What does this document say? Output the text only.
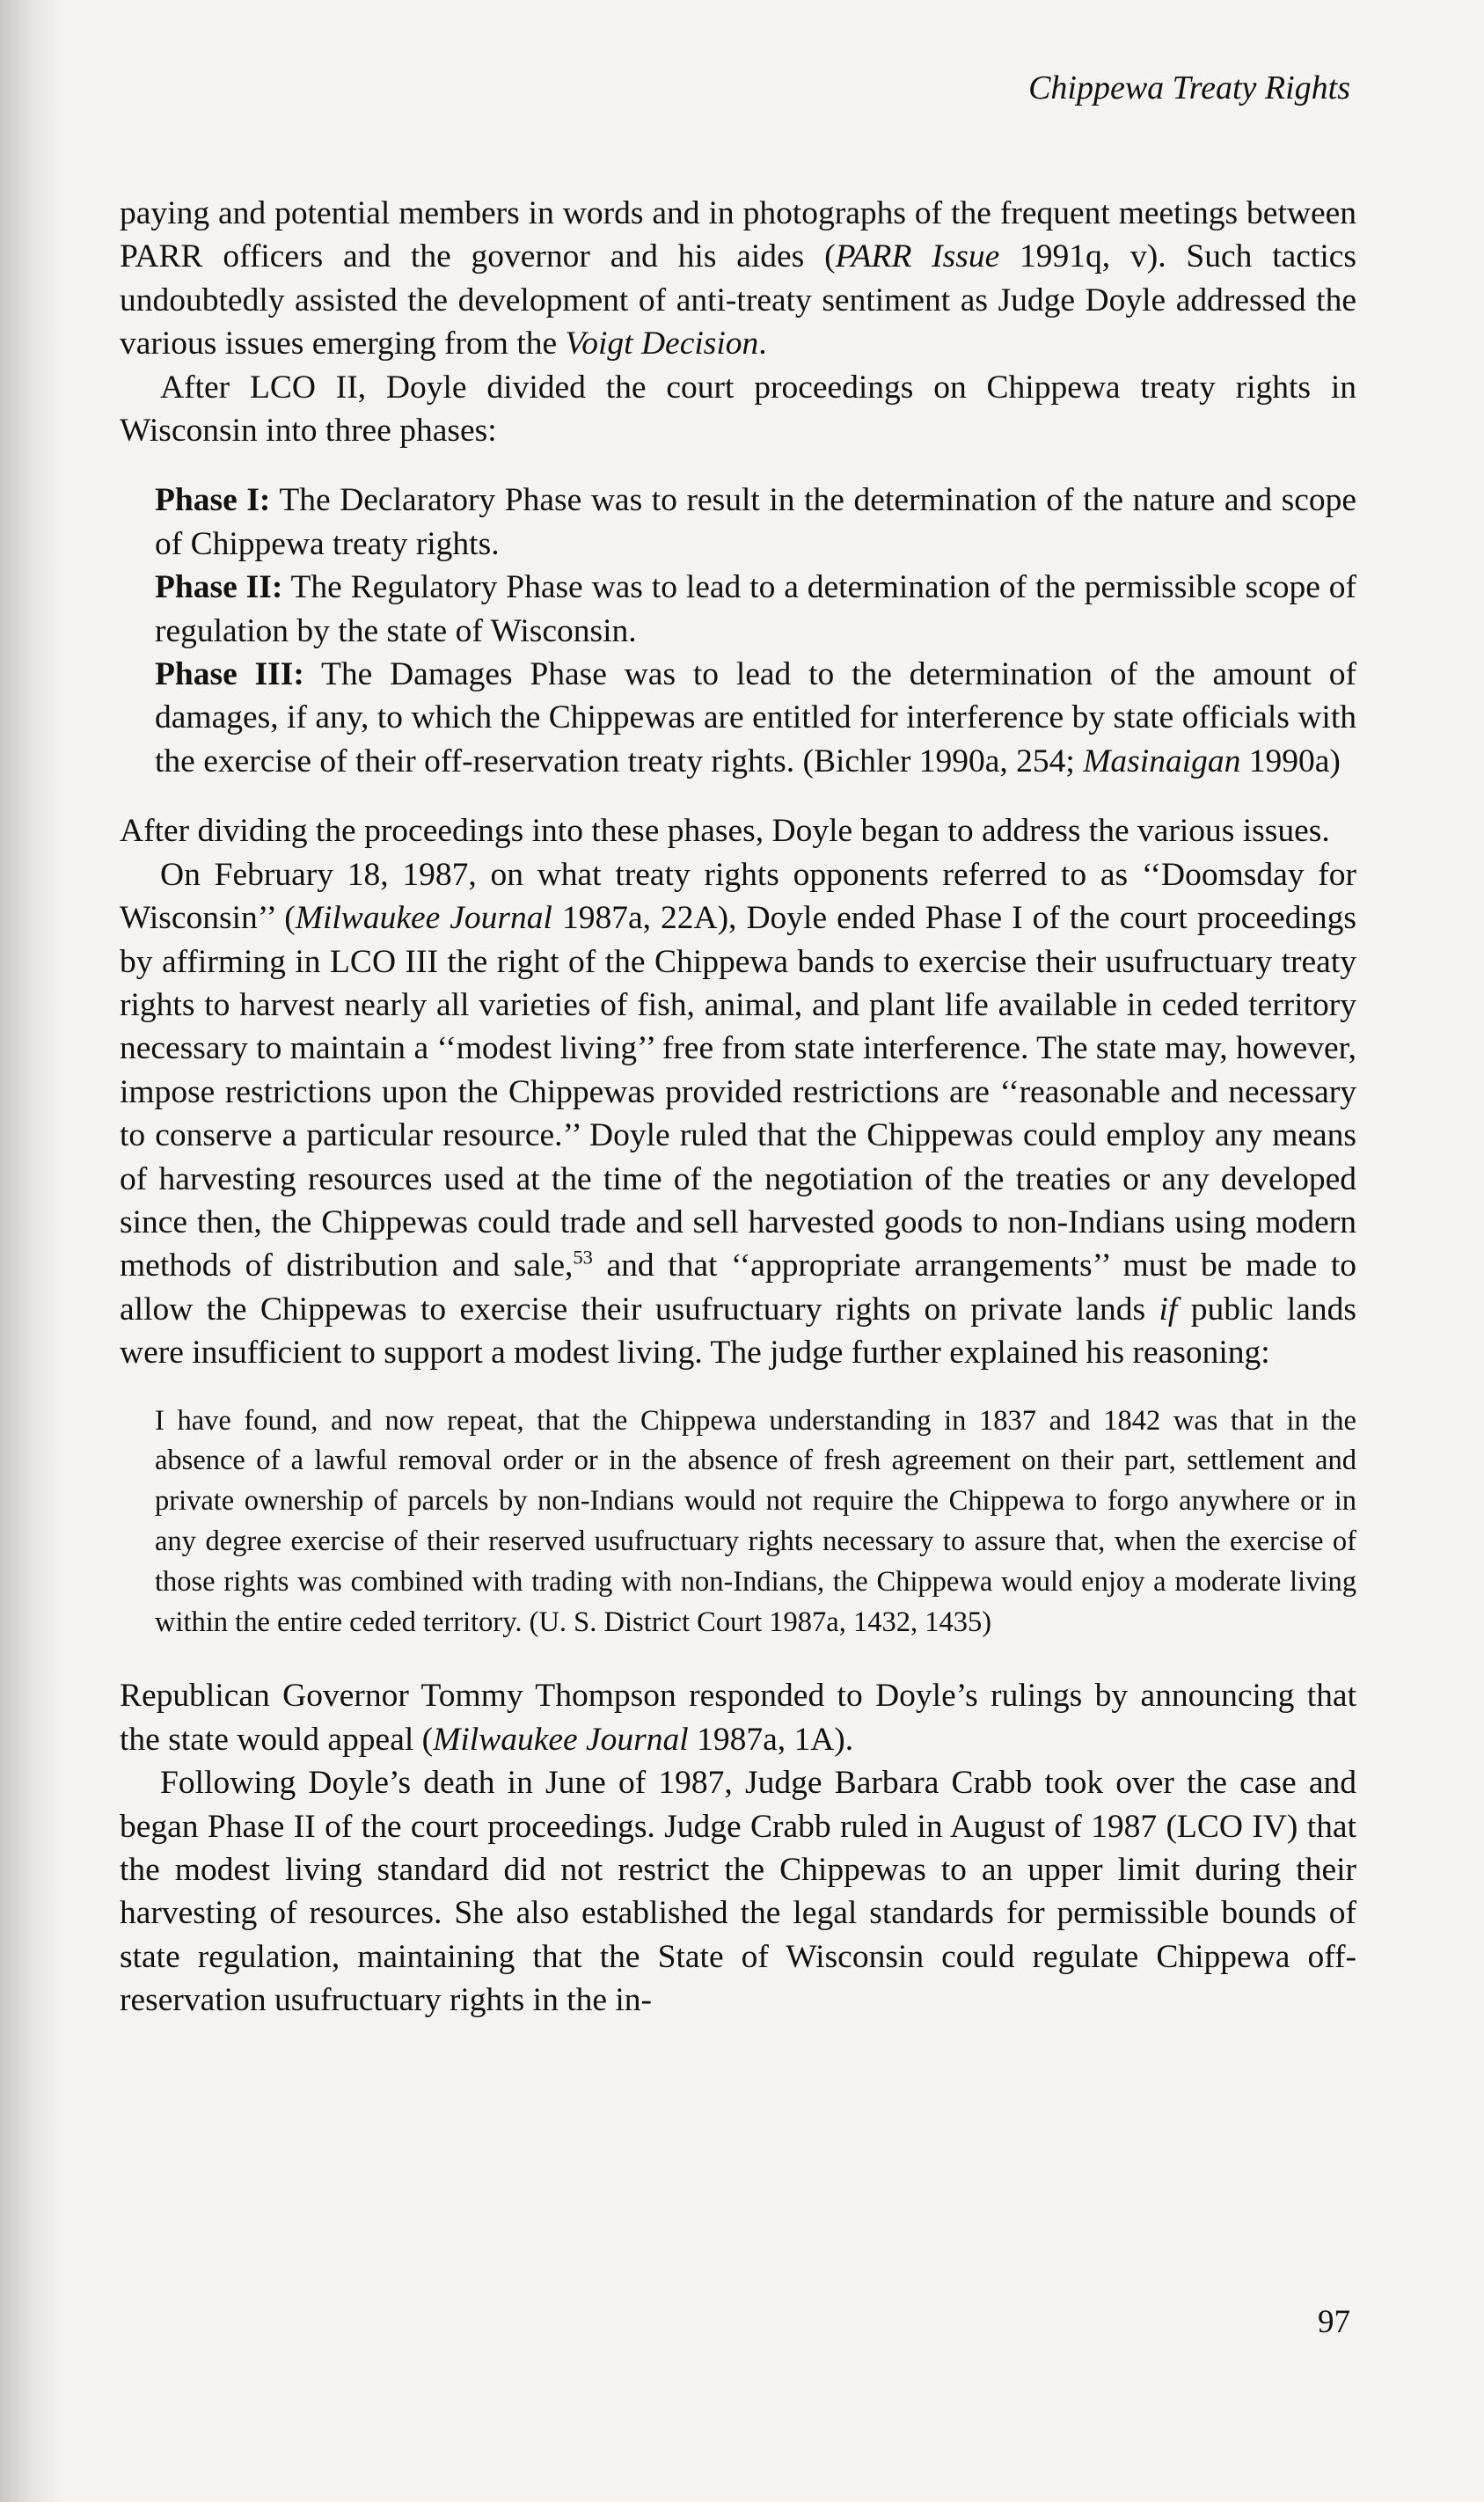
Chippewa Treaty Rights

paying and potential members in words and in photographs of the frequent meetings between PARR officers and the governor and his aides (PARR Issue 1991q, v). Such tactics undoubtedly assisted the development of anti-treaty sentiment as Judge Doyle addressed the various issues emerging from the Voigt Decision.

After LCO II, Doyle divided the court proceedings on Chippewa treaty rights in Wisconsin into three phases:

Phase I: The Declaratory Phase was to result in the determination of the nature and scope of Chippewa treaty rights.

Phase II: The Regulatory Phase was to lead to a determination of the permissible scope of regulation by the state of Wisconsin.

Phase III: The Damages Phase was to lead to the determination of the amount of damages, if any, to which the Chippewas are entitled for interference by state officials with the exercise of their off-reservation treaty rights. (Bichler 1990a, 254; Masinaigan 1990a)

After dividing the proceedings into these phases, Doyle began to address the various issues.

On February 18, 1987, on what treaty rights opponents referred to as ‘‘Doomsday for Wisconsin’’ (Milwaukee Journal 1987a, 22A), Doyle ended Phase I of the court proceedings by affirming in LCO III the right of the Chippewa bands to exercise their usufructuary treaty rights to harvest nearly all varieties of fish, animal, and plant life available in ceded territory necessary to maintain a ‘‘modest living’’ free from state interference. The state may, however, impose restrictions upon the Chippewas provided restrictions are ‘‘reasonable and necessary to conserve a particular resource.’’ Doyle ruled that the Chippewas could employ any means of harvesting resources used at the time of the negotiation of the treaties or any developed since then, the Chippewas could trade and sell harvested goods to non-Indians using modern methods of distribution and sale,$^{53}$ and that ‘‘appropriate arrangements’’ must be made to allow the Chippewas to exercise their usufructuary rights on private lands if public lands were insufficient to support a modest living. The judge further explained his reasoning:

I have found, and now repeat, that the Chippewa understanding in 1837 and 1842 was that in the absence of a lawful removal order or in the absence of fresh agreement on their part, settlement and private ownership of parcels by non-Indians would not require the Chippewa to forgo anywhere or in any degree exercise of their reserved usufructuary rights necessary to assure that, when the exercise of those rights was combined with trading with non-Indians, the Chippewa would enjoy a moderate living within the entire ceded territory. (U. S. District Court 1987a, 1432, 1435)

Republican Governor Tommy Thompson responded to Doyle’s rulings by announcing that the state would appeal (Milwaukee Journal 1987a, 1A).

Following Doyle’s death in June of 1987, Judge Barbara Crabb took over the case and began Phase II of the court proceedings. Judge Crabb ruled in August of 1987 (LCO IV) that the modest living standard did not restrict the Chippewas to an upper limit during their harvesting of resources. She also established the legal standards for permissible bounds of state regulation, maintaining that the State of Wisconsin could regulate Chippewa off-reservation usufructuary rights in the in-

97
